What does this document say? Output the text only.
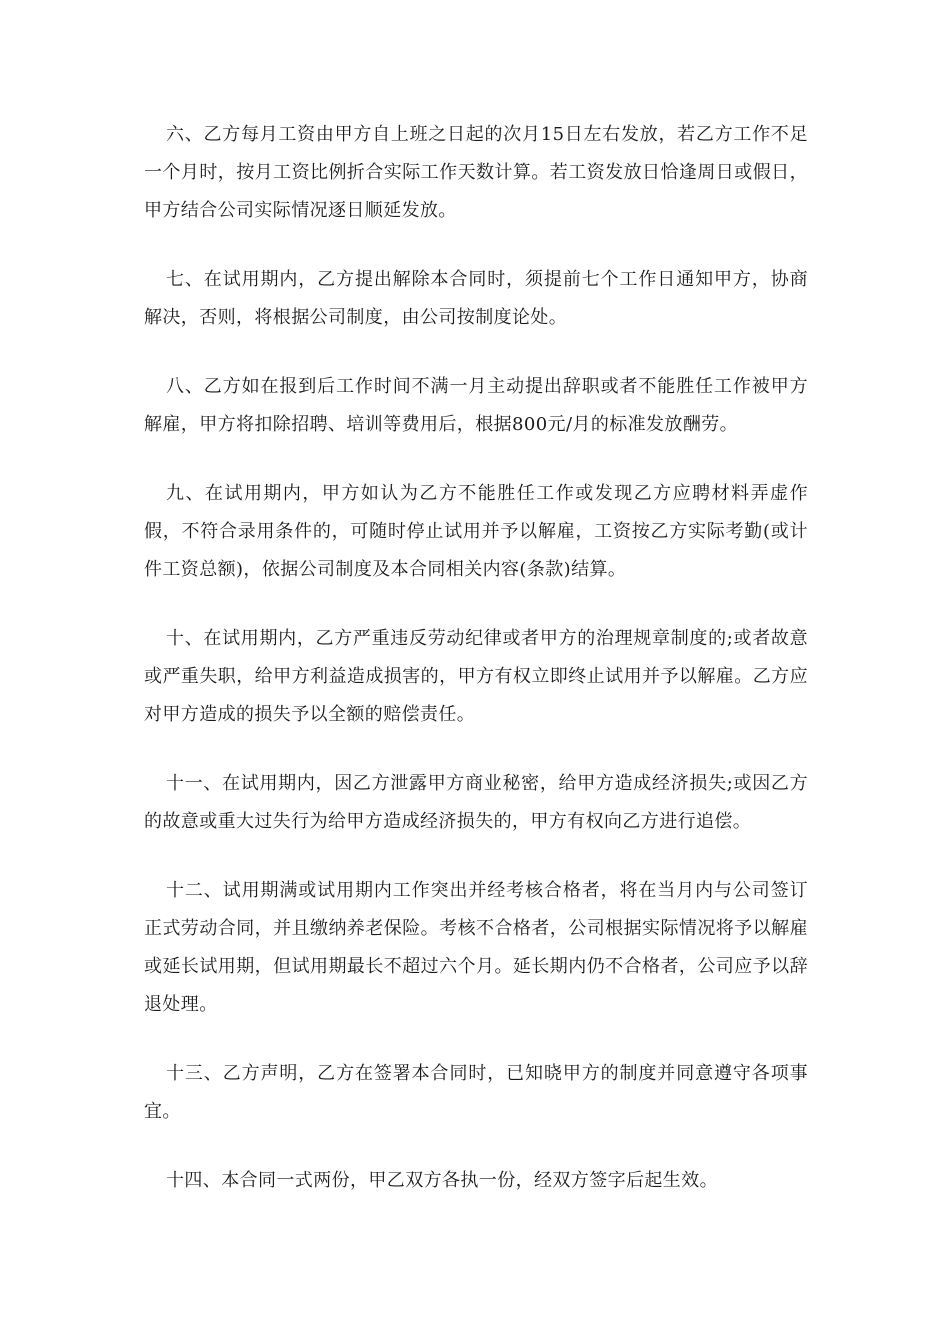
六、乙方每月工资由甲方自上班之日起的次月15日左右发放，若乙方工作不足一个月时，按月工资比例折合实际工作天数计算。若工资发放日恰逢周日或假日，甲方结合公司实际情况逐日顺延发放。

七、在试用期内，乙方提出解除本合同时，须提前七个工作日通知甲方，协商解决，否则，将根据公司制度，由公司按制度论处。

八、乙方如在报到后工作时间不满一月主动提出辞职或者不能胜任工作被甲方解雇，甲方将扣除招聘、培训等费用后，根据800元/月的标准发放酬劳。

九、在试用期内，甲方如认为乙方不能胜任工作或发现乙方应聘材料弄虚作假，不符合录用条件的，可随时停止试用并予以解雇，工资按乙方实际考勤(或计件工资总额)，依据公司制度及本合同相关内容(条款)结算。

十、在试用期内，乙方严重违反劳动纪律或者甲方的治理规章制度的;或者故意或严重失职，给甲方利益造成损害的，甲方有权立即终止试用并予以解雇。乙方应对甲方造成的损失予以全额的赔偿责任。

十一、在试用期内，因乙方泄露甲方商业秘密，给甲方造成经济损失;或因乙方的故意或重大过失行为给甲方造成经济损失的，甲方有权向乙方进行追偿。

十二、试用期满或试用期内工作突出并经考核合格者，将在当月内与公司签订正式劳动合同，并且缴纳养老保险。考核不合格者，公司根据实际情况将予以解雇或延长试用期，但试用期最长不超过六个月。延长期内仍不合格者，公司应予以辞退处理。

十三、乙方声明，乙方在签署本合同时，已知晓甲方的制度并同意遵守各项事宜。

十四、本合同一式两份，甲乙双方各执一份，经双方签字后起生效。
